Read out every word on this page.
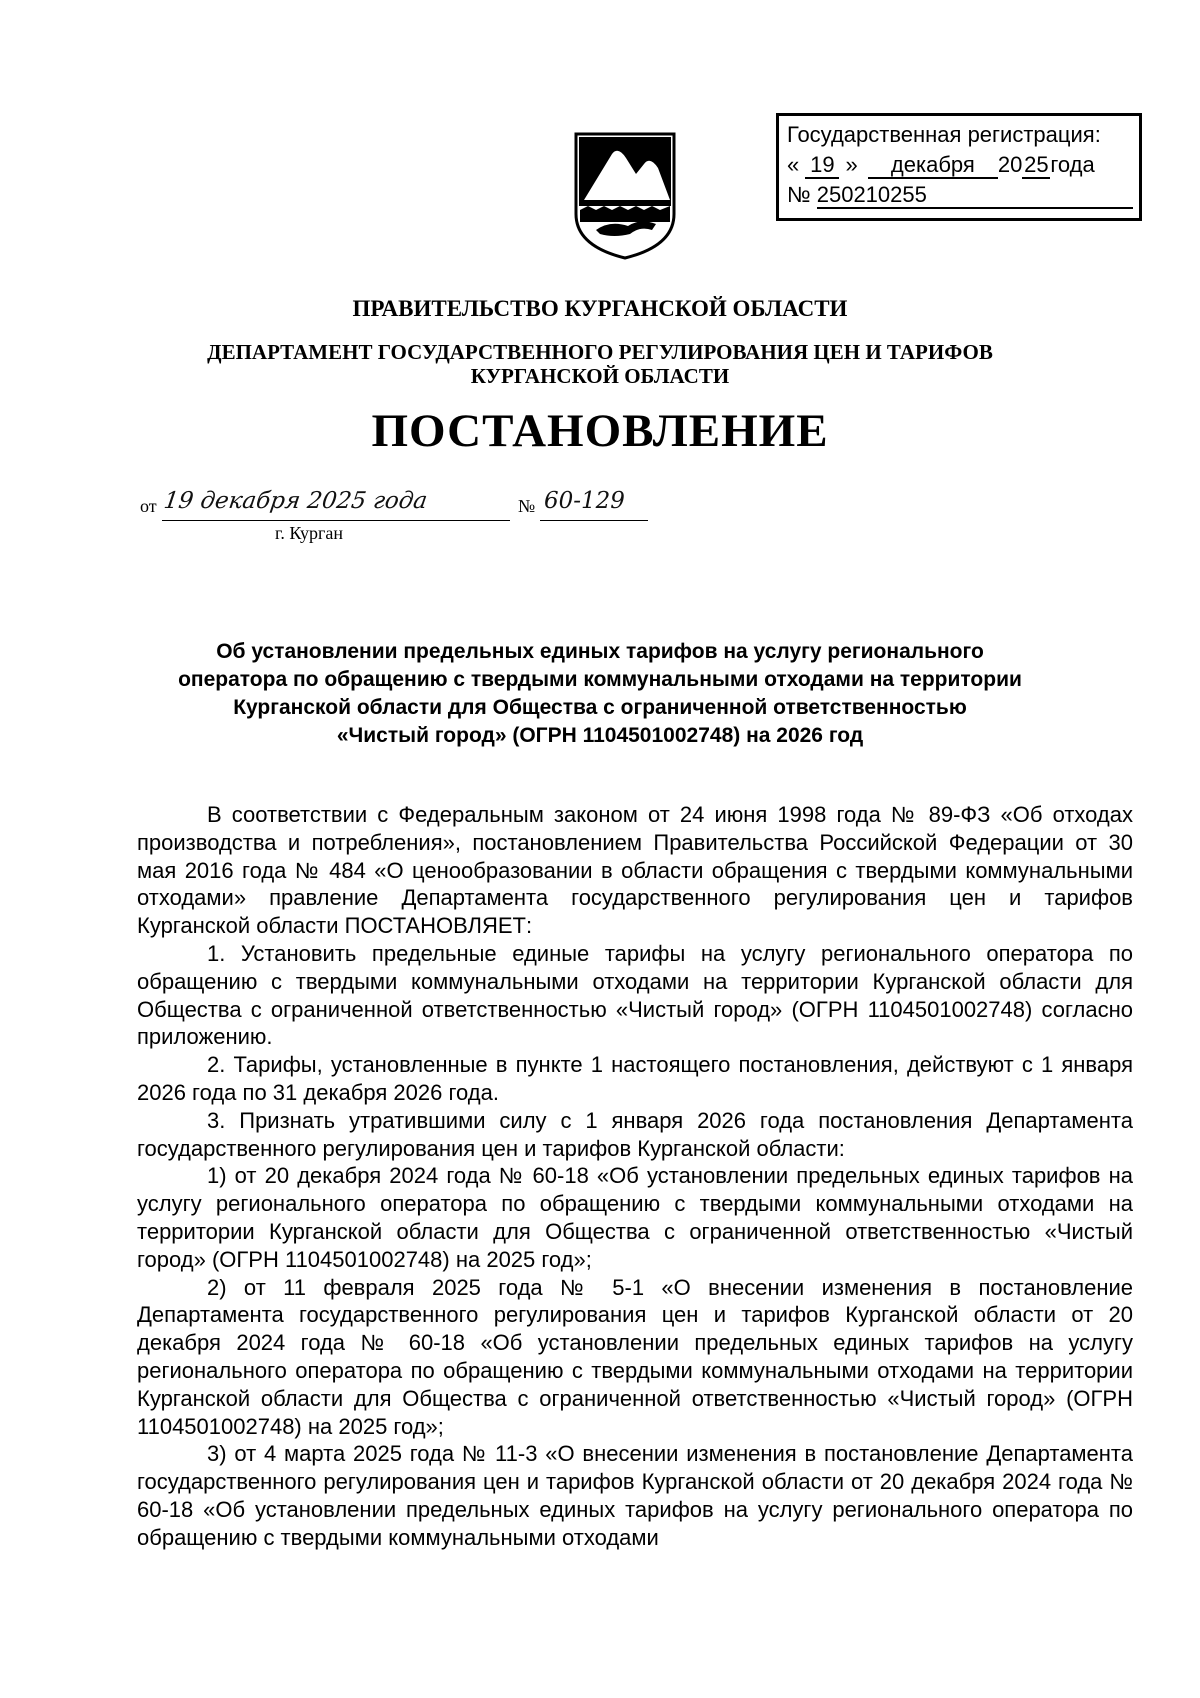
Государственная регистрация:
« 19 » декабря 2025года
№ 250210255
ПРАВИТЕЛЬСТВО КУРГАНСКОЙ ОБЛАСТИ
ДЕПАРТАМЕНТ ГОСУДАРСТВЕННОГО РЕГУЛИРОВАНИЯ ЦЕН И ТАРИФОВ
КУРГАНСКОЙ ОБЛАСТИ
ПОСТАНОВЛЕНИЕ
от 19 декабря 2025 года	№ 60-129
г. Курган
Об установлении предельных единых тарифов на услугу регионального
оператора по обращению с твердыми коммунальными отходами на территории
Курганской области для Общества с ограниченной ответственностью
«Чистый город» (ОГРН 1104501002748) на 2026 год

В соответствии с Федеральным законом от 24 июня 1998 года № 89-ФЗ «Об отходах производства и потребления», постановлением Правительства Российской Федерации от 30 мая 2016 года № 484 «О ценообразовании в области обращения с твердыми коммунальными отходами» правление Департамента государственного регулирования цен и тарифов Курганской области ПОСТАНОВЛЯЕТ:

1. Установить предельные единые тарифы на услугу регионального оператора по обращению с твердыми коммунальными отходами на территории Курганской области для Общества с ограниченной ответственностью «Чистый город» (ОГРН 1104501002748) согласно приложению.

2. Тарифы, установленные в пункте 1 настоящего постановления, действуют с 1 января 2026 года по 31 декабря 2026 года.

3. Признать утратившими силу с 1 января 2026 года постановления Департамента государственного регулирования цен и тарифов Курганской области:

1) от 20 декабря 2024 года № 60-18 «Об установлении предельных единых тарифов на услугу регионального оператора по обращению с твердыми коммунальными отходами на территории Курганской области для Общества с ограниченной ответственностью «Чистый город» (ОГРН 1104501002748) на 2025 год»;

2) от 11 февраля 2025 года № 5-1 «О внесении изменения в постановление Департамента государственного регулирования цен и тарифов Курганской области от 20 декабря 2024 года № 60-18 «Об установлении предельных единых тарифов на услугу регионального оператора по обращению с твердыми коммунальными отходами на территории Курганской области для Общества с ограниченной ответственностью «Чистый город» (ОГРН 1104501002748) на 2025 год»;

3) от 4 марта 2025 года № 11-3 «О внесении изменения в постановление Департамента государственного регулирования цен и тарифов Курганской области от 20 декабря 2024 года № 60-18 «Об установлении предельных единых тарифов на услугу регионального оператора по обращению с твердыми коммунальными отходами
